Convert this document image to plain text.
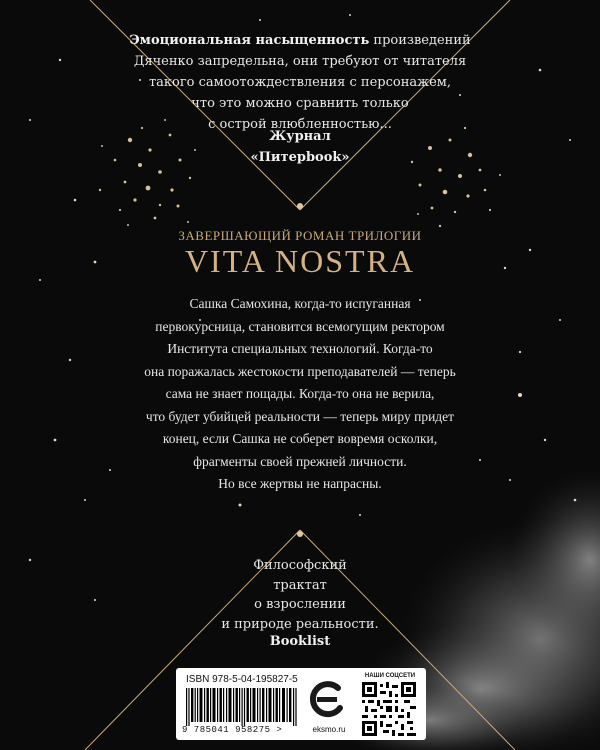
Эмоциональная насыщенность произведений
Дяченко запредельна, они требуют от читателя
такого самоотождествления с персонажем,
что это можно сравнить только
с острой влюбленностью...
Журнал
«Питерbook»
ЗАВЕРШАЮЩИЙ РОМАН ТРИЛОГИИ
VITA NOSTRA
Сашка Самохина, когда-то испуганная
первокурсница, становится всемогущим ректором
Института специальных технологий. Когда-то
она поражалась жестокости преподавателей — теперь
сама не знает пощады. Когда-то она не верила,
что будет убийцей реальности — теперь миру придет
конец, если Сашка не соберет вовремя осколки,
фрагменты своей прежней личности.
Но все жертвы не напрасны.
Философский
трактат
о взрослении
и природе реальности.
Booklist
ISBN 978-5-04-195827-5
9 785041 958275 >	eksmo.ru
НАШИ СОЦСЕТИ
